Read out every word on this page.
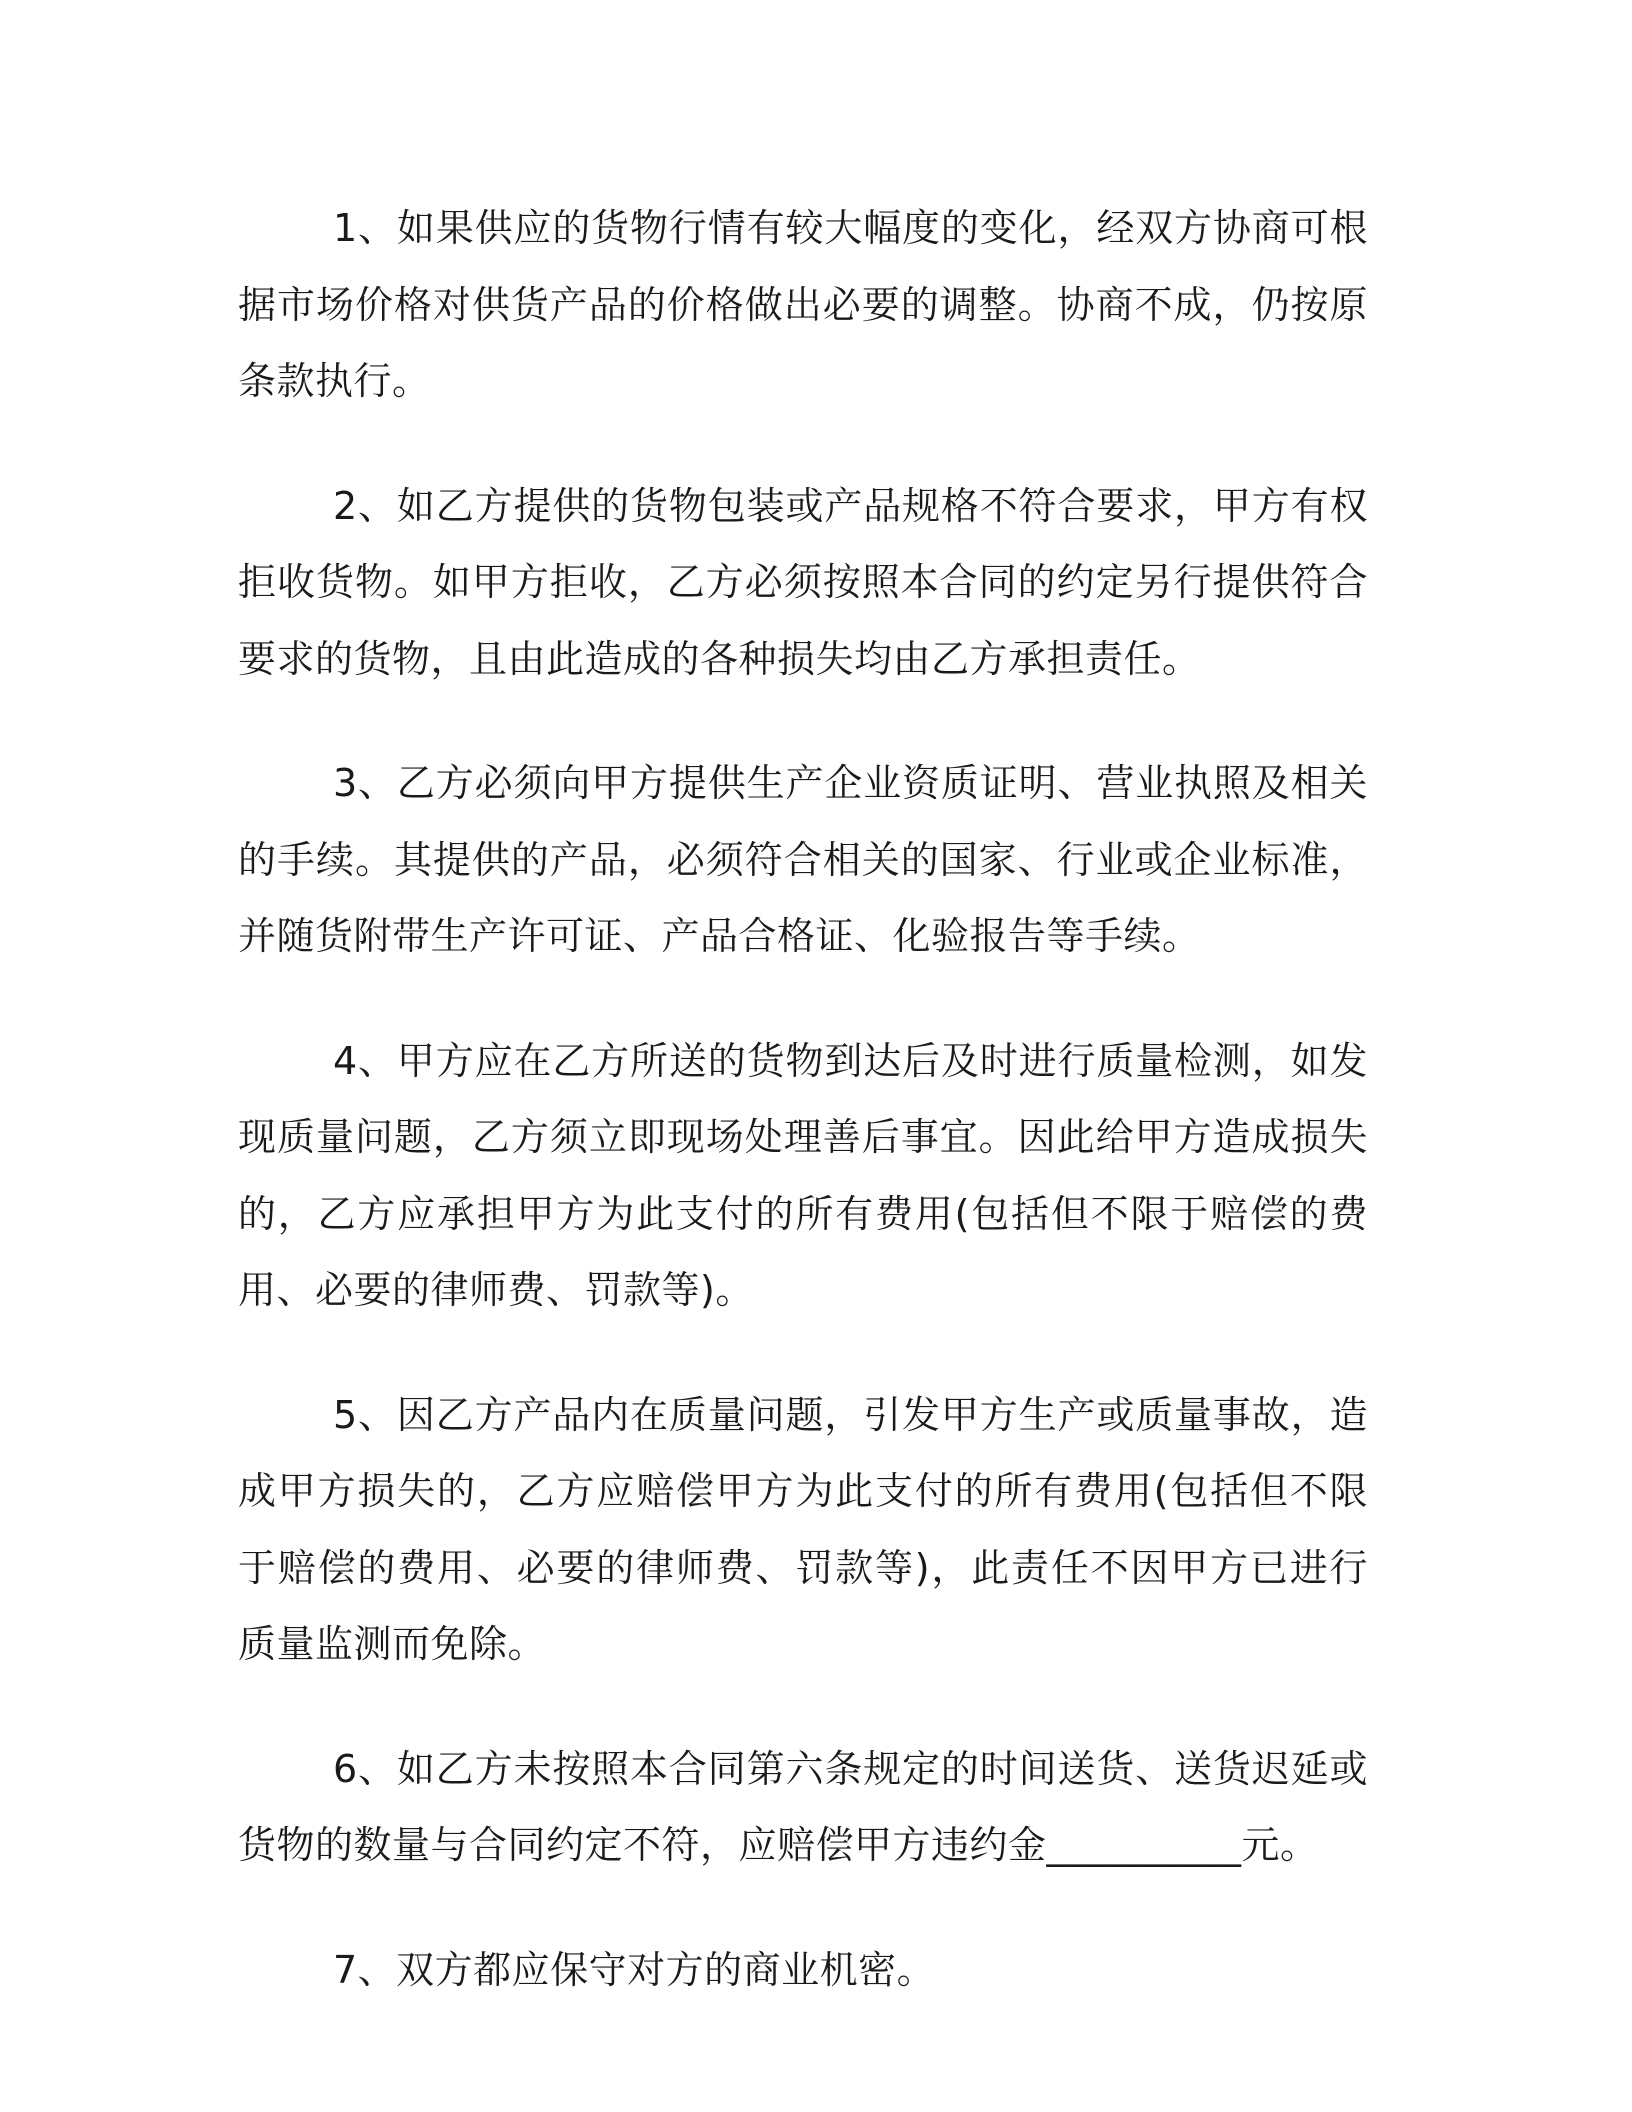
1、如果供应的货物行情有较大幅度的变化，经双方协商可根据市场价格对供货产品的价格做出必要的调整。协商不成，仍按原条款执行。

2、如乙方提供的货物包装或产品规格不符合要求，甲方有权拒收货物。如甲方拒收，乙方必须按照本合同的约定另行提供符合要求的货物，且由此造成的各种损失均由乙方承担责任。

3、乙方必须向甲方提供生产企业资质证明、营业执照及相关的手续。其提供的产品，必须符合相关的国家、行业或企业标准，并随货附带生产许可证、产品合格证、化验报告等手续。

4、甲方应在乙方所送的货物到达后及时进行质量检测，如发现质量问题，乙方须立即现场处理善后事宜。因此给甲方造成损失的，乙方应承担甲方为此支付的所有费用(包括但不限于赔偿的费用、必要的律师费、罚款等)。

5、因乙方产品内在质量问题，引发甲方生产或质量事故，造成甲方损失的，乙方应赔偿甲方为此支付的所有费用(包括但不限于赔偿的费用、必要的律师费、罚款等)，此责任不因甲方已进行质量监测而免除。

6、如乙方未按照本合同第六条规定的时间送货、送货迟延或货物的数量与合同约定不符，应赔偿甲方违约金__________元。

7、双方都应保守对方的商业机密。
